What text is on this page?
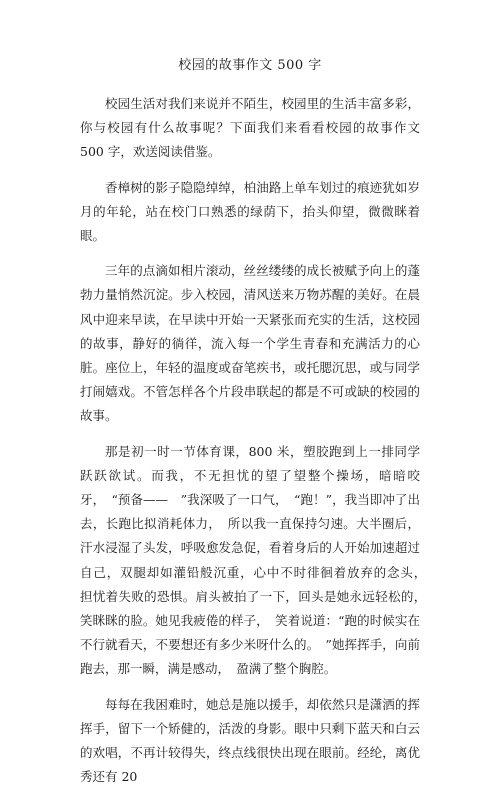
校园的故事作文 500 字

校园生活对我们来说并不陌生，校园里的生活丰富多彩，你与校园有什么故事呢？下面我们来看看校园的故事作文 500 字，欢送阅读借鉴。

香樟树的影子隐隐绰绰，柏油路上单车划过的痕迹犹如岁月的年轮，站在校门口熟悉的绿荫下，抬头仰望，微微眯着眼。

三年的点滴如相片滚动，丝丝缕缕的成长被赋予向上的蓬勃力量悄然沉淀。步入校园，清风送来万物苏醒的美好。在晨风中迎来早读，在早读中开始一天紧张而充实的生活，这校园的故事，静好的徜徉，流入每一个学生青春和充满活力的心脏。座位上，年轻的温度或奋笔疾书，或托腮沉思，或与同学打闹嬉戏。不管怎样各个片段串联起的都是不可或缺的校园的故事。

那是初一时一节体育课，800 米，塑胶跑到上一排同学跃跃欲试。而我，不无担忧的望了望整个操场，暗暗咬牙，　“预备——　”我深吸了一口气，　“跑！”，我当即冲了出去，长跑比拟消耗体力，　所以我一直保持匀速。大半圈后，汗水浸湿了头发，呼吸愈发急促，看着身后的人开始加速超过自己，双腿却如灌铅般沉重，心中不时徘徊着放弃的念头，　担忧着失败的恐惧。肩头被拍了一下，回头是她永远轻松的，　笑眯眯的脸。她见我疲倦的样子，　笑着说道：“跑的时候实在不行就看天，不要想还有多少米呀什么的。　”她挥挥手，向前跑去，那一瞬，满是感动，　盈满了整个胸腔。

每每在我困难时，她总是施以援手，却依然只是潇洒的挥挥手，留下一个矫健的，活泼的身影。眼中只剩下蓝天和白云的欢唱，不再计较得失，终点线很快出现在眼前。经纶，离优秀还有 20
